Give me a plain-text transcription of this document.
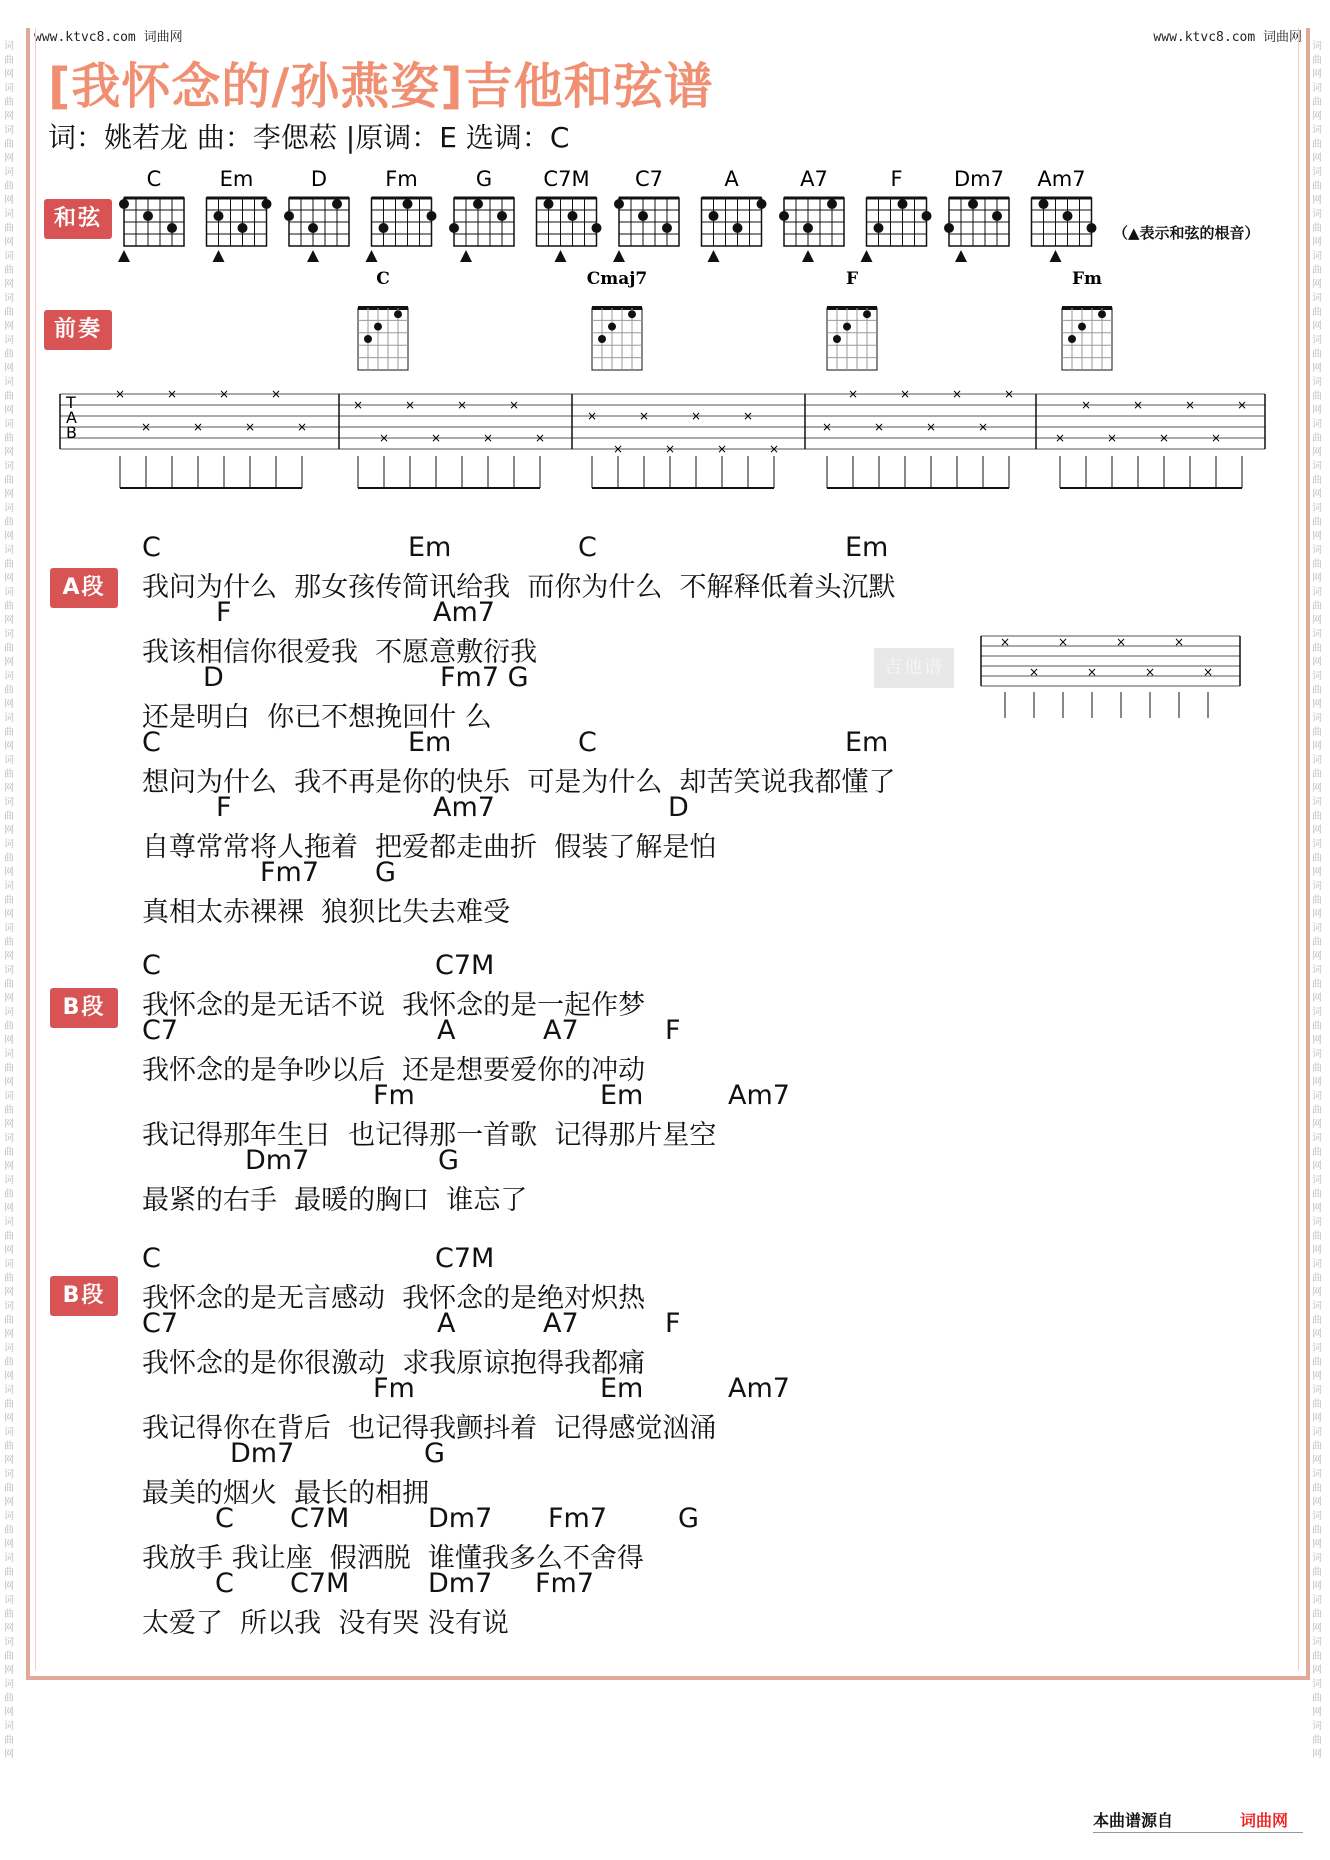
词曲网词曲网词曲网词曲网词曲网词曲网词曲网词曲网词曲网词曲网词曲网词曲网词曲网词曲网词曲网词曲网词曲网词曲网词曲网词曲网词曲网词曲网词曲网词曲网词曲网词曲网词曲网词曲网词曲网词曲网词曲网词曲网词曲网词曲网词曲网词曲网词曲网词曲网词曲网词曲网词曲网
词曲网词曲网词曲网词曲网词曲网词曲网词曲网词曲网词曲网词曲网词曲网词曲网词曲网词曲网词曲网词曲网词曲网词曲网词曲网词曲网词曲网词曲网词曲网词曲网词曲网词曲网词曲网词曲网词曲网词曲网词曲网词曲网词曲网词曲网词曲网词曲网词曲网词曲网词曲网词曲网词曲网
www.ktvc8.com 词曲网	www.ktvc8.com 词曲网
[我怀念的/孙燕姿]吉他和弦谱
词：姚若龙 曲：李偲菘 |原调：E 选调：C
和弦
前奏
A段
B段
B段
C	Em	D	Fm	G C7M C7	A	A7	F Dm7 Am7
（▲表示和弦的根音）
C	Cmaj7	F	Fm
T
A
B
×
×
×
×
×
×
×
×
×
×
×
×
×
×
×
×
×
×
×
×
×
×
×
×
×
×
×
×
×
×
×
×
×
×
×
×
×
×
×
×
吉他谱
×
×
×
×
×
×
×
×
C	Em	C	Em
我问为什么  那女孩传简讯给我  而你为什么  不解释低着头沉默
F	Am7
我该相信你很爱我  不愿意敷衍我
D	Fm7 G
还是明白  你已不想挽回什 么
C	Em	C	Em
想问为什么  我不再是你的快乐  可是为什么  却苦笑说我都懂了
F	Am7	D
自尊常常将人拖着  把爱都走曲折  假装了解是怕
Fm7 G
真相太赤裸裸  狼狈比失去难受
C	C7M
我怀念的是无话不说  我怀念的是一起作梦
C7	A	A7	F
我怀念的是争吵以后  还是想要爱你的冲动
Fm	Em	Am7
我记得那年生日  也记得那一首歌  记得那片星空
Dm7	G
最紧的右手  最暖的胸口  谁忘了
C	C7M
我怀念的是无言感动  我怀念的是绝对炽热
C7	A	A7	F
我怀念的是你很激动  求我原谅抱得我都痛
Fm	Em	Am7
我记得你在背后  也记得我颤抖着  记得感觉汹涌
Dm7	G
最美的烟火  最长的相拥
C C7M	Dm7 Fm7	G
我放手 我让座  假洒脱  谁懂我多么不舍得
C C7M	Dm7 Fm7
太爱了  所以我  没有哭 没有说
本曲谱源自	词曲网
